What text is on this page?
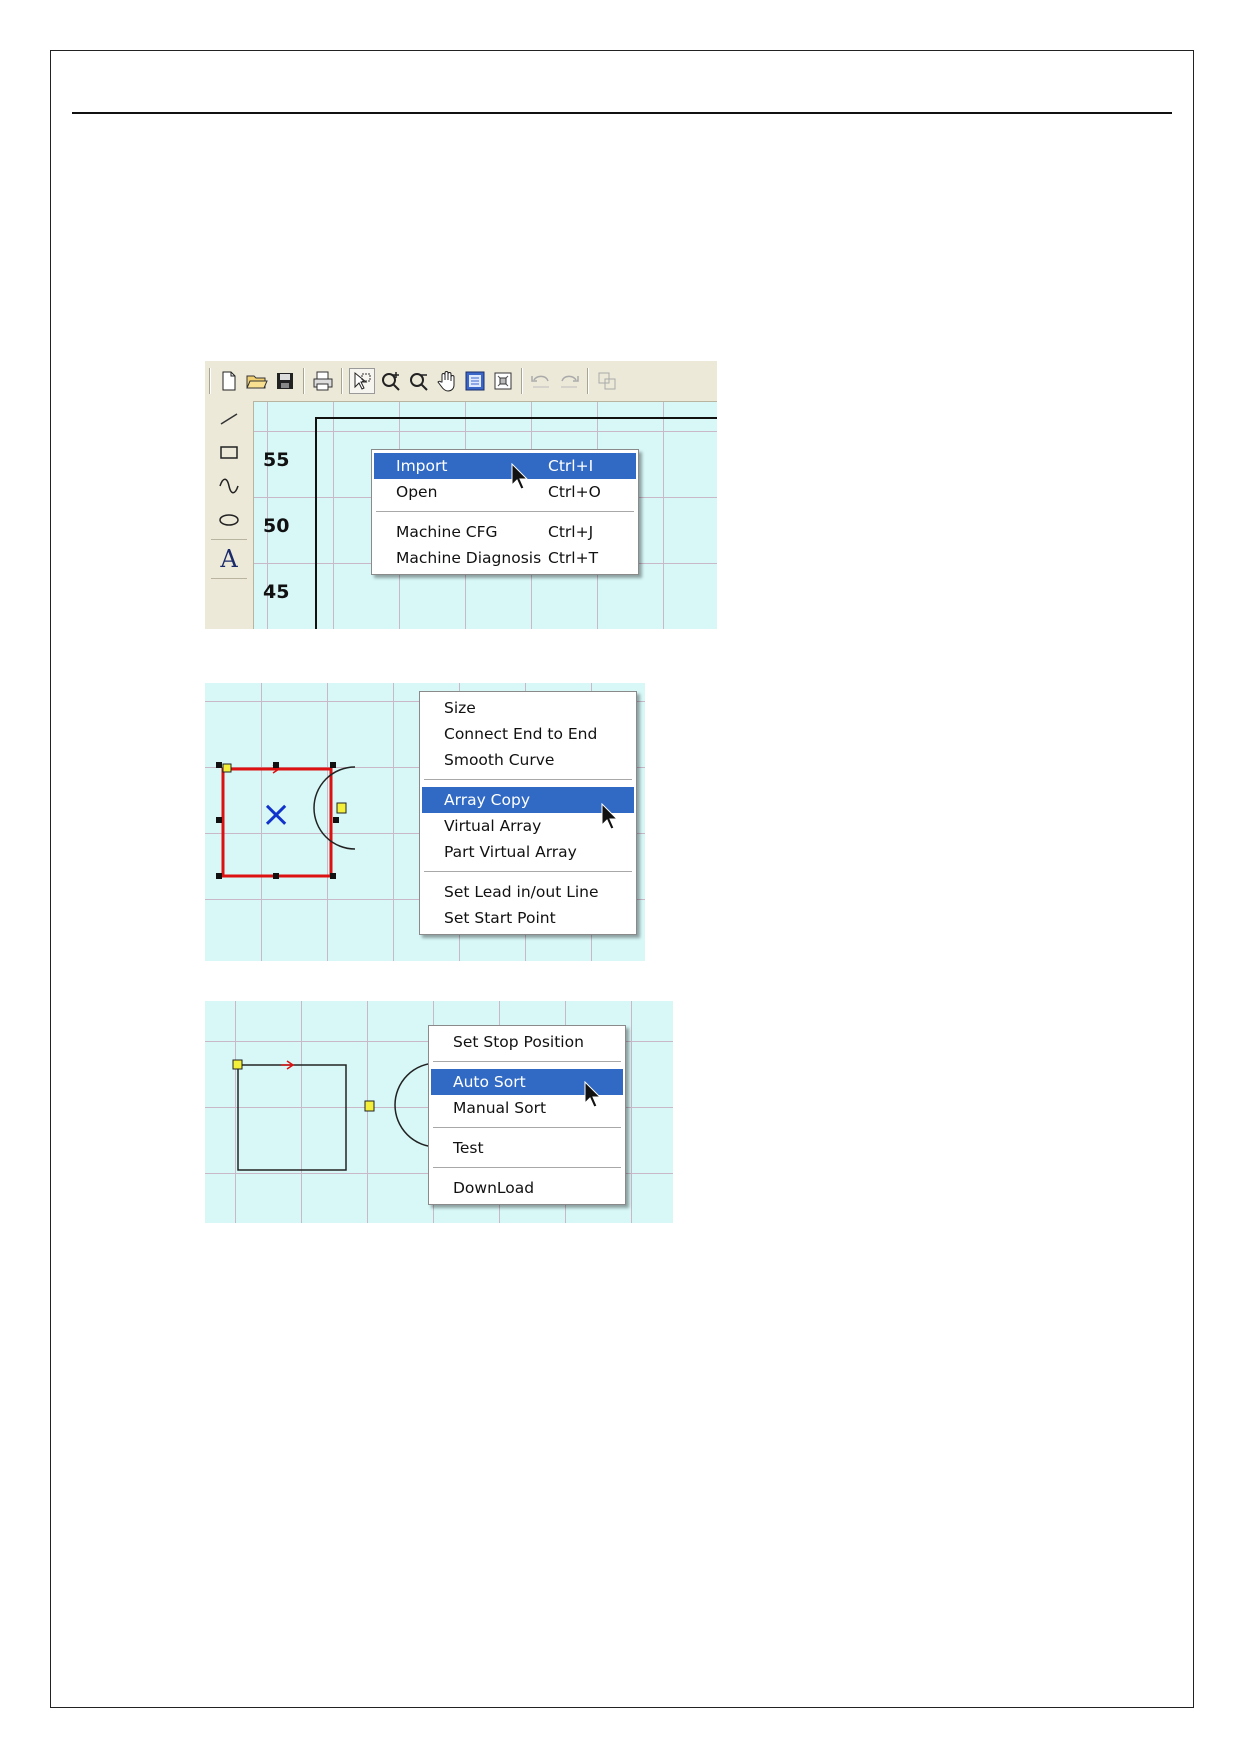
A
55
50
45
Import	Ctrl+I
Open	Ctrl+O
Machine CFG	Ctrl+J
Machine Diagnosis Ctrl+T
×
Size
Connect End to End
Smooth Curve
Array Copy
Virtual Array
Part Virtual Array
Set Lead in/out Line
Set Start Point
Set Stop Position
Auto Sort
Manual Sort
Test
DownLoad
